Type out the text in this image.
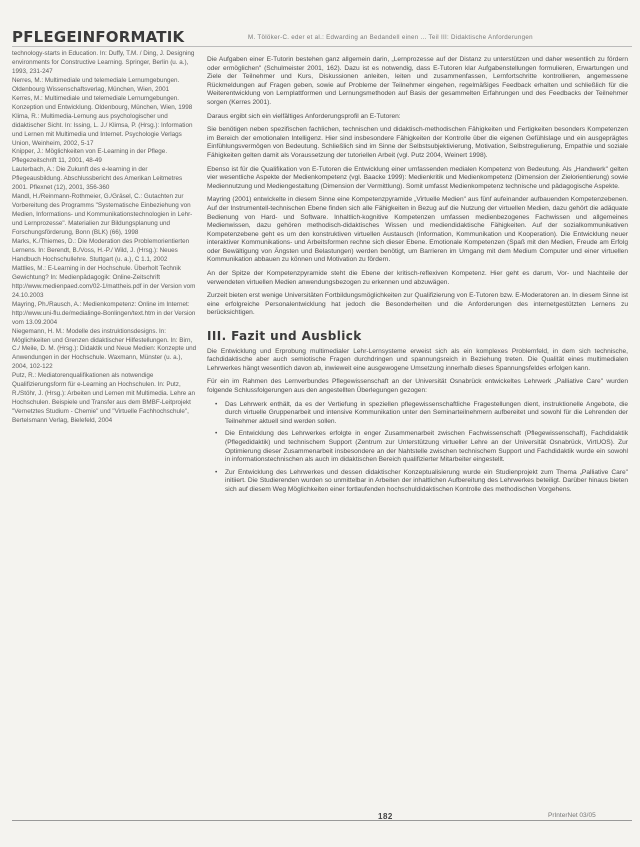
PFLEGEINFORMATIK	M. Tölöker-C. eder et al.: Edwarding an Bedandell einen ... Teil III: Didaktische Anforderungen

technology-starts in Education. In: Duffy, T.M. / Ding, J. Designing environments for Constructive Learning. Springer, Berlin (u. a.), 1993, 231-247

Nerres, M.: Multimediale und telemediale Lernumgebungen. Oldenbourg Wissenschaftsverlag, München, Wien, 2001

Kerres, M.: Multimediale und telemediale Lernumgebungen. Konzeption und Entwicklung. Oldenbourg, München, Wien, 1998

Klima, R.: Multimedia-Lernung aus psychologischer und didaktischer Sicht. In: Issing, L. J./ Klimsa, P. (Hrsg.): Information und Lernen mit Multimedia und Internet. Psychologie Verlags Union, Weinheim, 2002, 5-17

Knipper, J.: Möglichkeiten von E-Learning in der Pflege. Pflegezeitschrift 11, 2001, 48-49

Lauterbach, A.: Die Zukunft des e-learning in der Pflegeausbildung. Abschlussbericht des Amerikan Leitmetres 2001. Pflexnet (12), 2001, 356-360

Mandl, H./Reinmann-Rothmeier, G./Gräsel, C.: Gutachten zur Vorbereitung des Programms "Systematische Einbeziehung von Medien, Informations- und Kommunikationstechnologien in Lehr- und Lernprozesse". Materialien zur Bildungsplanung und Forschungsförderung, Bonn (BLK) (66), 1998

Marks, K./Thiemes, D.: Die Moderation des Problemorientierten Lernens. In: Berendt, B./Voss, H.-P./ Wild, J. (Hrsg.): Neues Handbuch Hochschullehre. Stuttgart (u. a.), C 1.1, 2002

Mattlies, M.: E-Learning in der Hochschule. Überholt Technik Gewichtung? In: Medienpädagogik: Online-Zeitschrift http://www.medienpaed.com/02-1/mattheis.pdf in der Version vom 24.10.2003

Mayring, Ph./Rausch, A.: Medienkompetenz: Online im Internet: http://www.uni-flu.de/medialinge-Bonlingen/text.htm in der Version vom 13.09.2004

Niegemann, H. M.: Modelle des instruktionsdesigns. In: Möglichkeiten und Grenzen didaktischer Hilfestellungen. In: Birn, C./ Meile, D. M. (Hrsg.): Didaktik und Neue Medien: Konzepte und Anwendungen in der Hochschule. Waxmann, Münster (u. a.), 2004, 102-122

Putz, R.: Mediatorenqualifikationen als notwendige Qualifizierungsform für e-Learning an Hochschulen. In: Putz, R./Stöhr, J. (Hrsg.): Arbeiten und Lernen mit Multimedia. Lehre an Hochschulen. Beispiele und Transfer aus dem BMBF-Leitprojekt "Vernetztes Studium - Chemie" und "Virtuelle Fachhochschule", Bertelsmann Verlag, Bielefeld, 2004

Die Aufgaben einer E-Tutorin bestehen ganz allgemein darin, „Lernprozesse auf der Distanz zu unterstützen und daher wesentlich zu fördern oder ermöglichen" (Schulmeister 2001, 162). Dazu ist es notwendig, dass E-Tutoren klar Aufgabenstellungen formulieren, Erwartungen und Ziele der Teilnehmer und Kurs, Diskussionen anleiten, leiten und zusammenfassen, Lernfortschritte kontrollieren, angemessene Rückmeldungen auf Fragen geben, sowie auf Probleme der Teilnehmer eingehen, regelmäßiges Feedback erhalten und schließlich für die Weiterentwicklung von Lernplattformen und Lernungsmethoden auf Basis der gesammelten Erfahrungen und des Feedbacks der Teilnehmer sorgen (Kerres 2001).

Daraus ergibt sich ein vielfältiges Anforderungsprofil an E-Tutoren:

Sie benötigen neben spezifischen fachlichen, technischen und didaktisch-methodischen Fähigkeiten und Fertigkeiten besonders Kompetenzen im Bereich der emotionalen Intelligenz. Hier sind insbesondere Fähigkeiten der Kontrolle über die eigenen Gefühlslage und ein ausgeprägtes Einfühlungsvermögen von Bedeutung. Schließlich sind im Sinne der Selbstsubjektivierung, Motivation, Selbstregulierung, Empathie und soziale Fähigkeiten gelten damit als Voraussetzung der tutoriellen Arbeit (vgl. Putz 2004, Weinert 1998).

Ebenso ist für die Qualifikation von E-Tutoren die Entwicklung einer umfassenden medialen Kompetenz von Bedeutung. Als „Handwerk" gelten vier wesentliche Aspekte der Medienkompetenz (vgl. Baacke 1999): Medienkritik und Medienkompetenz (Dimension der Zielorientierung) sowie Mediennutzung und Mediengestaltung (Dimension der Vermittlung). Somit umfasst Medienkompetenz technische und pädagogische Aspekte.

Mayring (2001) entwickelte in diesem Sinne eine Kompetenzpyramide „Virtuelle Medien" aus fünf aufeinander aufbauenden Kompetenzebenen. Auf der Instrumentell-technischen Ebene finden sich alle Fähigkeiten in Bezug auf die Nutzung der virtuellen Medien, dazu gehört die adäquate Bedienung von Hard- und Software. Inhaltlich-kognitive Kompetenzen umfassen medienbezogenes Fachwissen und allgemeines Medienwissen, dazu gehören methodisch-didaktisches Wissen und mediendidaktische Fähigkeiten. Auf der sozialkommunikativen Kompetenzebene geht es um den konstruktiven virtuellen Austausch (Information, Kommunikation und Kooperation). Die Entwicklung neuer interaktiver Kommunikations- und Arbeitsformen rechne sich dieser Ebene. Emotionale Kompetenzen (Spaß mit den Medien, Freude am Erfolg oder Bewältigung von Ängsten und Belastungen) werden benötigt, um Barrieren im Umgang mit dem Medium Computer und einer virtuellen Kommunikation abbauen zu können und Motivation zu fördern.

An der Spitze der Kompetenzpyramide steht die Ebene der kritisch-reflexiven Kompetenz. Hier geht es darum, Vor- und Nachteile der verwendeten virtuellen Medien anwendungsbezogen zu erkennen und abzuwägen.

Zurzeit bieten erst wenige Universitäten Fortbildungsmöglichkeiten zur Qualifizierung von E-Tutoren bzw. E-Moderatoren an. In diesem Sinne ist eine erfolgreiche Personalentwicklung hat jedoch die Besonderheiten und die Anforderungen des internetgestützten Lernens zu berücksichtigen.

III. Fazit und Ausblick

Die Entwicklung und Erprobung multimedialer Lehr-Lernsysteme erweist sich als ein komplexes Problemfeld, in dem sich technische, fachdidaktische aber auch semiotische Fragen durchdringen und spannungsreich in Beziehung treten. Die Qualität eines multimedialen Lehrwerkes hängt wesentlich davon ab, inwieweit eine ausgewogene Umsetzung innerhalb dieses Spannungsfeldes erfolgen kann.

Für ein im Rahmen des Lernverbundes Pflegewissenschaft an der Universität Osnabrück entwickeltes Lehrwerk „Palliative Care" wurden folgende Schlussfolgerungen aus den angestellten Überlegungen gezogen:

• Das Lehrwerk enthält, da es der Vertiefung in speziellen pflegewissenschaftliche Fragestellungen dient, instruktionelle Angebote, die durch virtuelle Gruppenarbeit und intensive Kommunikation unter den Seminarteilnehmern aufbereitet und sowohl für die Lehrenden der Teilnehmer aktuell sind werden sollen.
• Die Entwicklung des Lehrwerkes erfolgte in enger Zusammenarbeit zwischen Fachwissenschaft (Pflegewissenschaft), Fachdidaktik (Pflegedidaktik) und technischem Support (Zentrum zur Unterstützung virtueller Lehre an der Universität Osnabrück, VirtUOS). Zur Optimierung dieser Zusammenarbeit insbesondere an der Nahtstelle zwischen technischem Support und Fachdidaktik wurde ein sowohl in informationstechnischen als auch im didaktischen Bereich qualifizierter Mitarbeiter eingestellt.
• Zur Entwicklung des Lehrwerkes und dessen didaktischer Konzeptualisierung wurde ein Studienprojekt zum Thema „Palliative Care" initiiert. Die Studierenden wurden so unmittelbar in Arbeiten der inhaltlichen Aufbereitung des Lehrwerkes beteiligt. Darüber hinaus bieten sich auf diesem Weg Möglichkeiten einer fortlaufenden hochschuldidaktischen Kontrolle des methodischen Vorgehens.
182	PrInterNet 03/05
